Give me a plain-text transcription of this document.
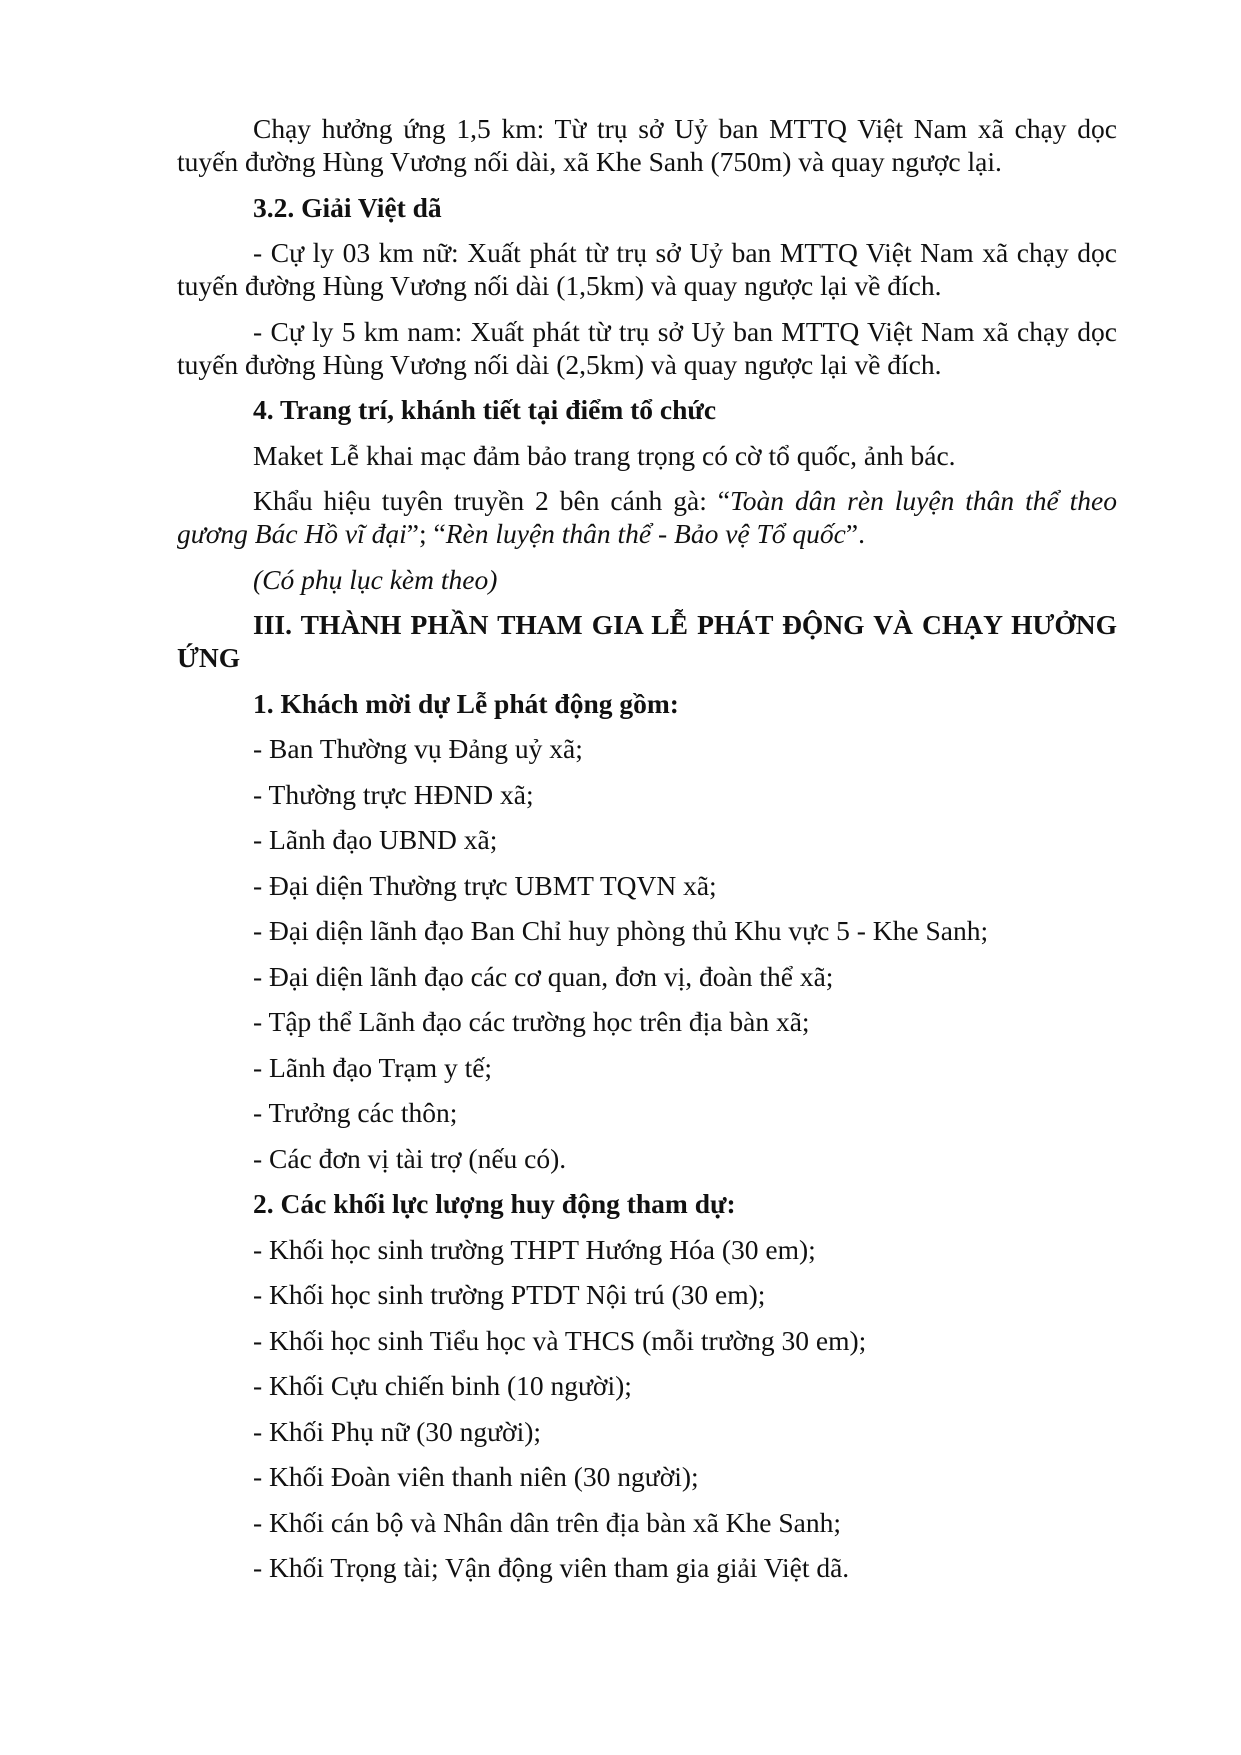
Chạy hưởng ứng 1,5 km: Từ trụ sở Uỷ ban MTTQ Việt Nam xã chạy dọc tuyến đường Hùng Vương nối dài, xã Khe Sanh (750m) và quay ngược lại.

3.2. Giải Việt dã

- Cự ly 03 km nữ: Xuất phát từ trụ sở Uỷ ban MTTQ Việt Nam xã chạy dọc tuyến đường Hùng Vương nối dài (1,5km) và quay ngược lại về đích.

- Cự ly 5 km nam: Xuất phát từ trụ sở Uỷ ban MTTQ Việt Nam xã chạy dọc tuyến đường Hùng Vương nối dài (2,5km) và quay ngược lại về đích.

4. Trang trí, khánh tiết tại điểm tổ chức

Maket Lễ khai mạc đảm bảo trang trọng có cờ tổ quốc, ảnh bác.

Khẩu hiệu tuyên truyền 2 bên cánh gà: “Toàn dân rèn luyện thân thể theo gương Bác Hồ vĩ đại”; “Rèn luyện thân thể - Bảo vệ Tổ quốc”.

(Có phụ lục kèm theo)

III. THÀNH PHẦN THAM GIA LỄ PHÁT ĐỘNG VÀ CHẠY HƯỞNG ỨNG

1. Khách mời dự Lễ phát động gồm:

- Ban Thường vụ Đảng uỷ xã;

- Thường trực HĐND xã;

- Lãnh đạo UBND xã;

- Đại diện Thường trực UBMT TQVN xã;

- Đại diện lãnh đạo Ban Chỉ huy phòng thủ Khu vực 5 - Khe Sanh;

- Đại diện lãnh đạo các cơ quan, đơn vị, đoàn thể xã;

- Tập thể Lãnh đạo các trường học trên địa bàn xã;

- Lãnh đạo Trạm y tế;

- Trưởng các thôn;

- Các đơn vị tài trợ (nếu có).

2. Các khối lực lượng huy động tham dự:

- Khối học sinh trường THPT Hướng Hóa (30 em);

- Khối học sinh trường PTDT Nội trú (30 em);

- Khối học sinh Tiểu học và THCS (mỗi trường 30 em);

- Khối Cựu chiến binh (10 người);

- Khối Phụ nữ (30 người);

- Khối Đoàn viên thanh niên (30 người);

- Khối cán bộ và Nhân dân trên địa bàn xã Khe Sanh;

- Khối Trọng tài; Vận động viên tham gia giải Việt dã.
